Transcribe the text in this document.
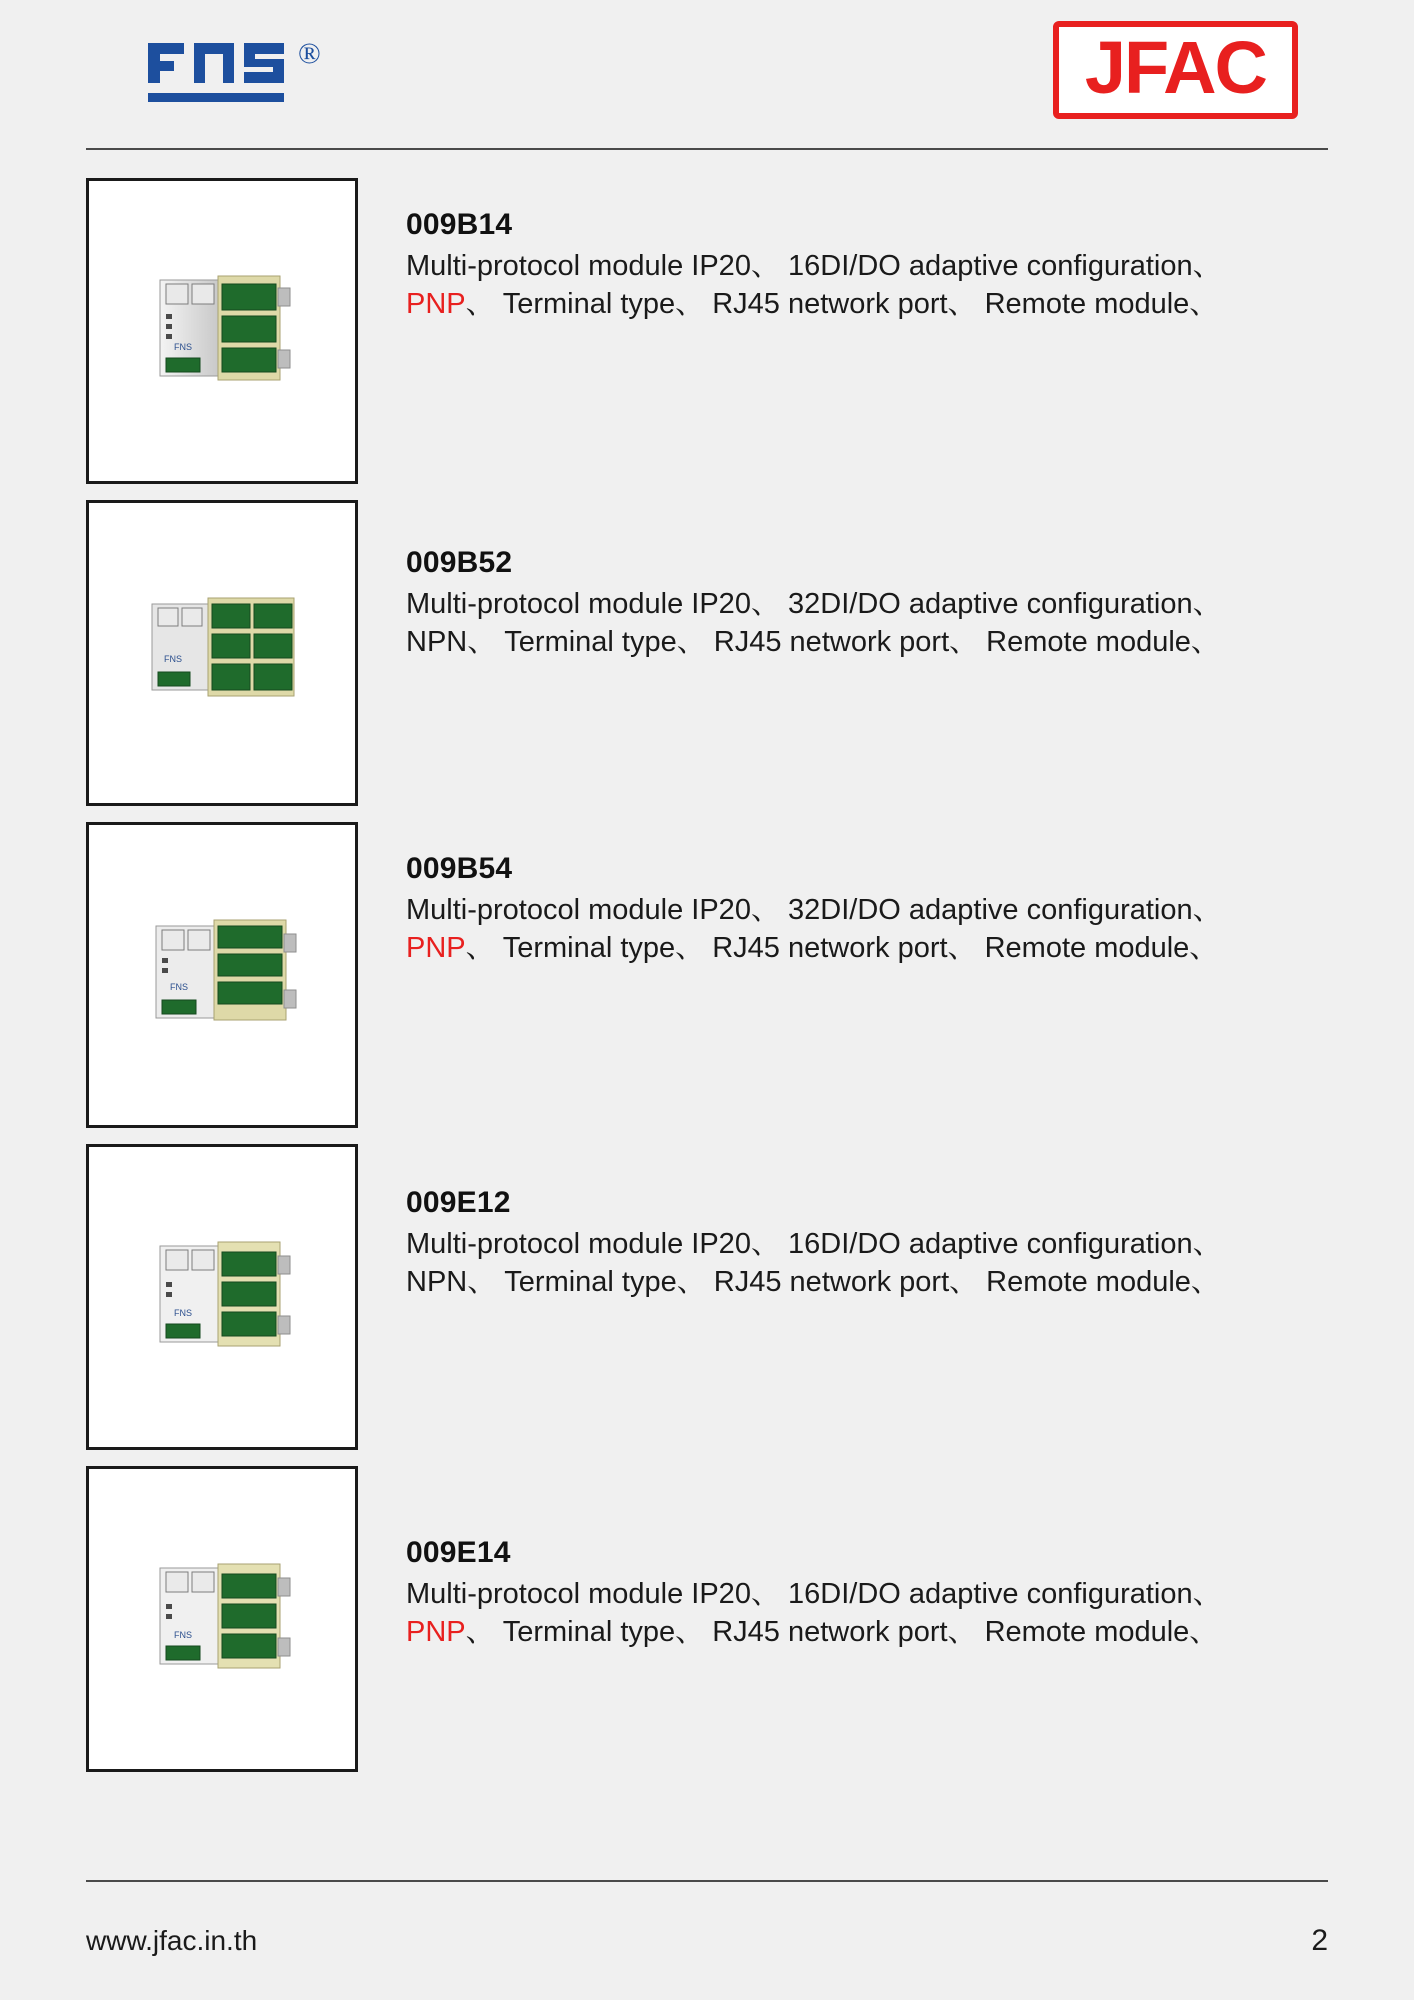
®	JFAC
FNS
009B14
Multi-protocol module IP20、 16DI/DO adaptive configuration、 PNP、 Terminal type、 RJ45 network port、 Remote module、
FNS
009B52
Multi-protocol module IP20、 32DI/DO adaptive configuration、 NPN、 Terminal type、 RJ45 network port、 Remote module、
FNS
009B54
Multi-protocol module IP20、 32DI/DO adaptive configuration、 PNP、 Terminal type、 RJ45 network port、 Remote module、
FNS
009E12
Multi-protocol module IP20、 16DI/DO adaptive configuration、 NPN、 Terminal type、 RJ45 network port、 Remote module、
FNS
009E14
Multi-protocol module IP20、 16DI/DO adaptive configuration、 PNP、 Terminal type、 RJ45 network port、 Remote module、
www.jfac.in.th	2
